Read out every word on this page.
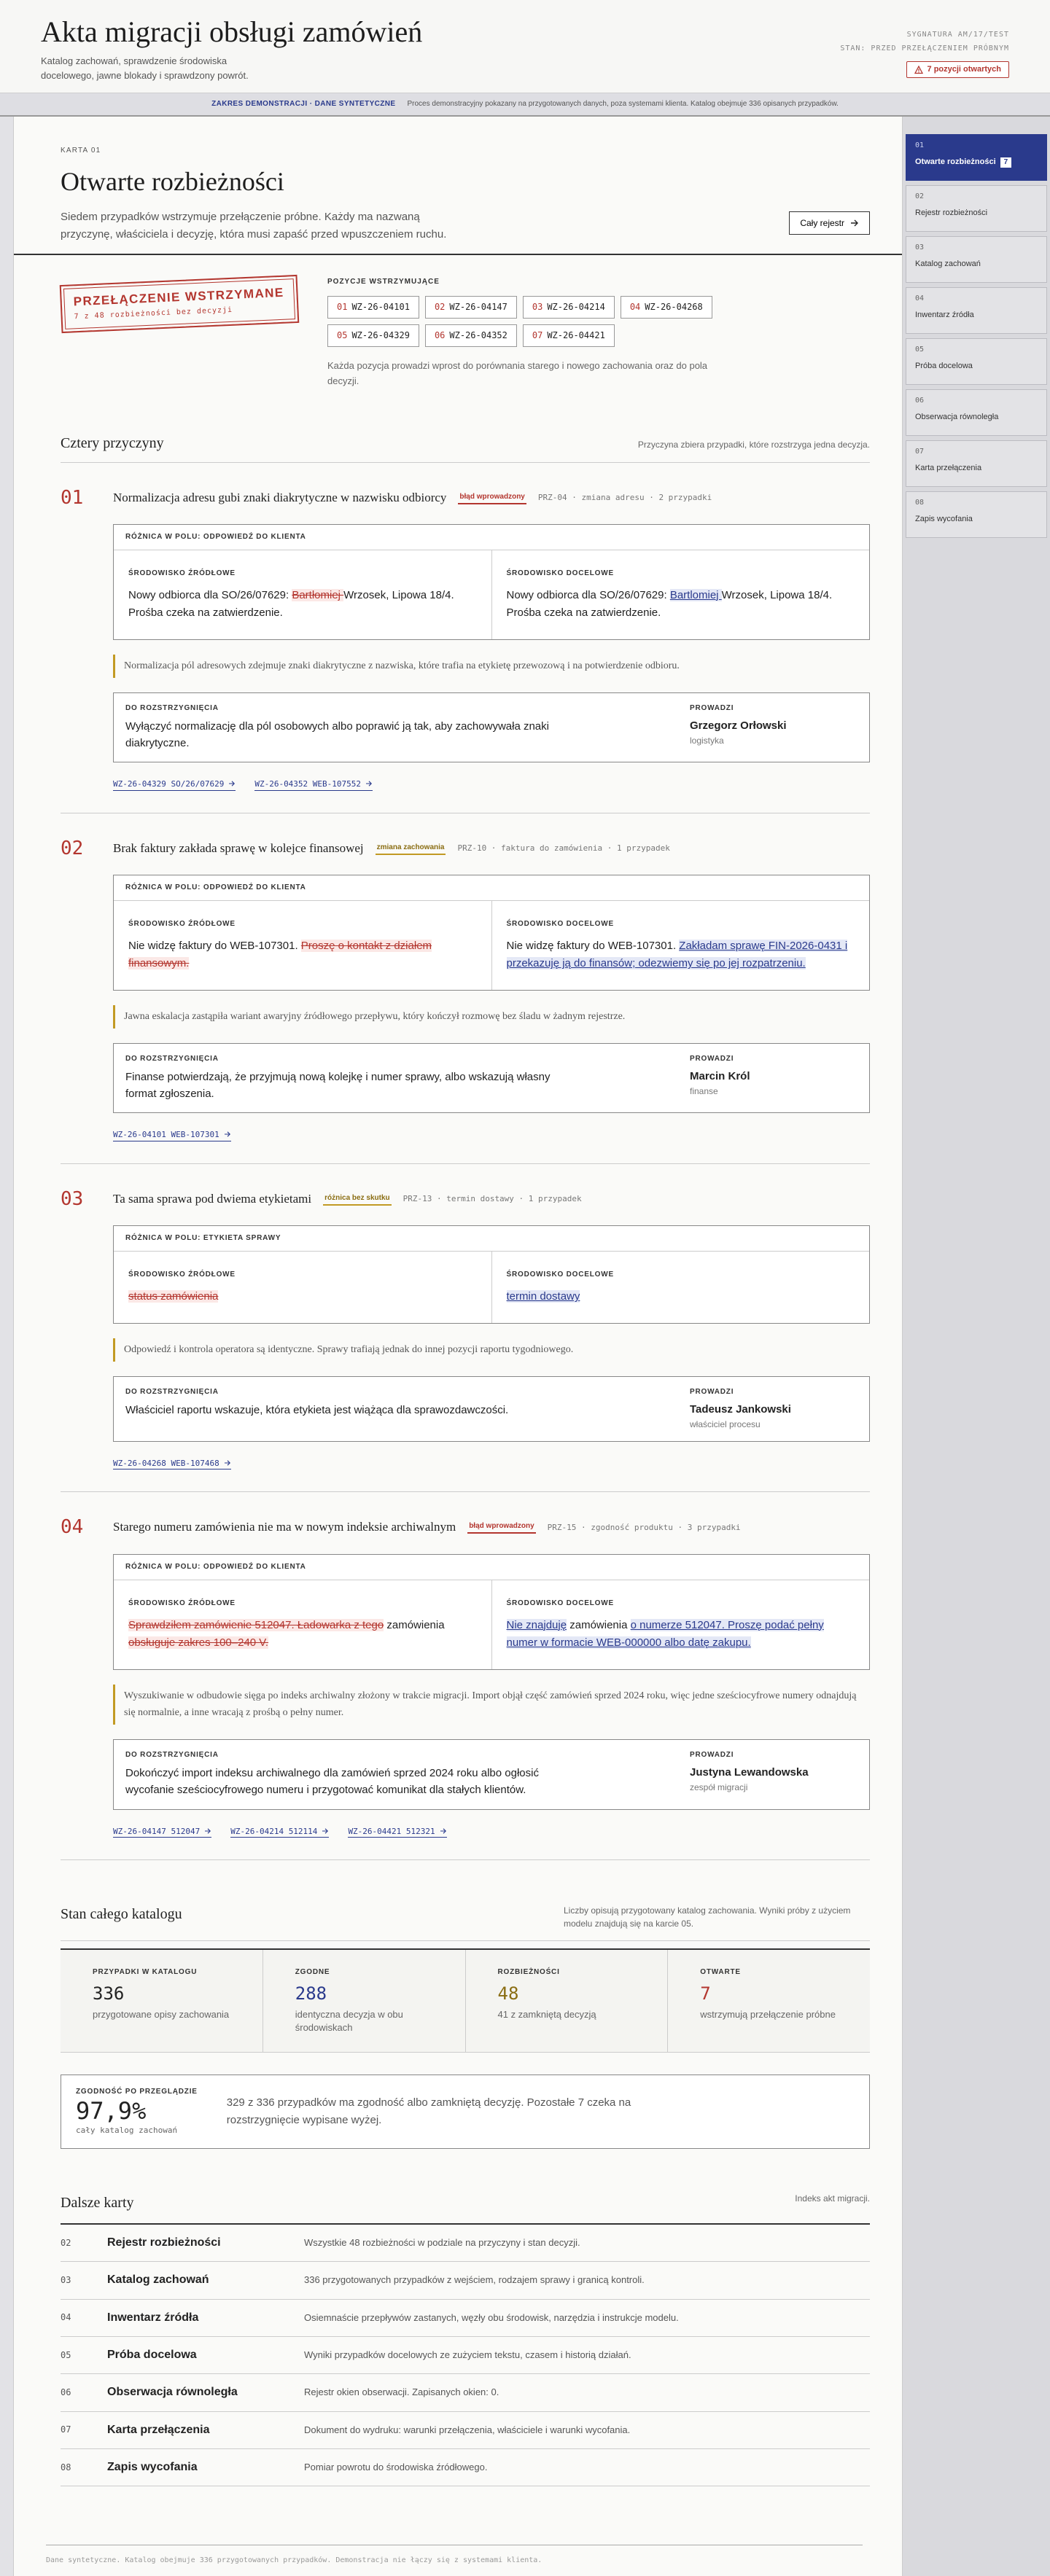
Akta migracji obsługi zamówień
Katalog zachowań, sprawdzenie środowiska docelowego, jawne blokady i sprawdzony powrót.
SYGNATURA AM/17/TEST
STAN: PRZED PRZEŁĄCZENIEM PRÓBNYM
7 pozycji otwartych
ZAKRES DEMONSTRACJI · DANE SYNTETYCZNE Proces demonstracyjny pokazany na przygotowanych danych, poza systemami klienta. Katalog obejmuje 336 opisanych przypadków.
KARTA 01
Otwarte rozbieżności

Siedem przypadków wstrzymuje przełączenie próbne. Każdy ma nazwaną przyczynę, właściciela i decyzję, która musi zapaść przed wpuszczeniem ruchu.

Cały rejestr
PRZEŁĄCZENIE WSTRZYMANE
7 z 48 rozbieżności bez decyzji
POZYCJE WSTRZYMUJĄCE
01 WZ-26-04101	02 WZ-26-04147	03 WZ-26-04214	04 WZ-26-04268
05 WZ-26-04329	06 WZ-26-04352	07 WZ-26-04421

Każda pozycja prowadzi wprost do porównania starego i nowego zachowania oraz do pola decyzji.

Cztery przyczyny	Przyczyna zbiera przypadki, które rozstrzyga jedna decyzja.
01	Normalizacja adresu gubi znaki diakrytyczne w nazwisku odbiorcy błąd wprowadzony PRZ-04 · zmiana adresu · 2 przypadki
RÓŻNICA W POLU: ODPOWIEDŹ DO KLIENTA
ŚRODOWISKO ŹRÓDŁOWE
Nowy odbiorca dla SO/26/07629: Bartłomiej Wrzosek, Lipowa 18/4. Prośba czeka na zatwierdzenie.
ŚRODOWISKO DOCELOWE
Nowy odbiorca dla SO/26/07629: Bartlomiej Wrzosek, Lipowa 18/4. Prośba czeka na zatwierdzenie.

Normalizacja pól adresowych zdejmuje znaki diakrytyczne z nazwiska, które trafia na etykietę przewozową i na potwierdzenie odbioru.

DO ROZSTRZYGNIĘCIA
Wyłączyć normalizację dla pól osobowych albo poprawić ją tak, aby zachowywała znaki diakrytyczne.
PROWADZI
Grzegorz Orłowski
logistyka
WZ-26-04329 SO/26/07629	WZ-26-04352 WEB-107552
02	Brak faktury zakłada sprawę w kolejce finansowej zmiana zachowania PRZ-10 · faktura do zamówienia · 1 przypadek
RÓŻNICA W POLU: ODPOWIEDŹ DO KLIENTA
ŚRODOWISKO ŹRÓDŁOWE
Nie widzę faktury do WEB-107301. Proszę o kontakt z działem finansowym.
ŚRODOWISKO DOCELOWE
Nie widzę faktury do WEB-107301. Zakładam sprawę FIN-2026-0431 i przekazuję ją do finansów; odezwiemy się po jej rozpatrzeniu.

Jawna eskalacja zastąpiła wariant awaryjny źródłowego przepływu, który kończył rozmowę bez śladu w żadnym rejestrze.

DO ROZSTRZYGNIĘCIA
Finanse potwierdzają, że przyjmują nową kolejkę i numer sprawy, albo wskazują własny format zgłoszenia.
PROWADZI
Marcin Król
finanse
WZ-26-04101 WEB-107301
03	Ta sama sprawa pod dwiema etykietami różnica bez skutku PRZ-13 · termin dostawy · 1 przypadek
RÓŻNICA W POLU: ETYKIETA SPRAWY
ŚRODOWISKO ŹRÓDŁOWE
status zamówienia
ŚRODOWISKO DOCELOWE
termin dostawy

Odpowiedź i kontrola operatora są identyczne. Sprawy trafiają jednak do innej pozycji raportu tygodniowego.

DO ROZSTRZYGNIĘCIA
Właściciel raportu wskazuje, która etykieta jest wiążąca dla sprawozdawczości.
PROWADZI
Tadeusz Jankowski
właściciel procesu
WZ-26-04268 WEB-107468
04	Starego numeru zamówienia nie ma w nowym indeksie archiwalnym błąd wprowadzony PRZ-15 · zgodność produktu · 3 przypadki
RÓŻNICA W POLU: ODPOWIEDŹ DO KLIENTA
ŚRODOWISKO ŹRÓDŁOWE
Sprawdziłem zamówienie 512047. Ładowarka z tego zamówienia obsługuje zakres 100–240 V.
ŚRODOWISKO DOCELOWE
Nie znajduję zamówienia o numerze 512047. Proszę podać pełny numer w formacie WEB-000000 albo datę zakupu.

Wyszukiwanie w odbudowie sięga po indeks archiwalny złożony w trakcie migracji. Import objął część zamówień sprzed 2024 roku, więc jedne sześciocyfrowe numery odnajdują się normalnie, a inne wracają z prośbą o pełny numer.

DO ROZSTRZYGNIĘCIA
Dokończyć import indeksu archiwalnego dla zamówień sprzed 2024 roku albo ogłosić wycofanie sześciocyfrowego numeru i przygotować komunikat dla stałych klientów.
PROWADZI
Justyna Lewandowska
zespół migracji
WZ-26-04147 512047	WZ-26-04214 512114	WZ-26-04421 512321
Stan całego katalogu	Liczby opisują przygotowany katalog zachowania. Wyniki próby z użyciem modelu znajdują się na karcie 05.
PRZYPADKI W KATALOGU
336
przygotowane opisy zachowania
ZGODNE
288
identyczna decyzja w obu środowiskach
ROZBIEŻNOŚCI
48
41 z zamkniętą decyzją
OTWARTE
7
wstrzymują przełączenie próbne
ZGODNOŚĆ PO PRZEGLĄDZIE
97,9%
cały katalog zachowań

329 z 336 przypadków ma zgodność albo zamkniętą decyzję. Pozostałe 7 czeka na rozstrzygnięcie wypisane wyżej.

Dalsze karty	Indeks akt migracji.
02	Rejestr rozbieżności	Wszystkie 48 rozbieżności w podziale na przyczyny i stan decyzji.
03	Katalog zachowań	336 przygotowanych przypadków z wejściem, rodzajem sprawy i granicą kontroli.
04	Inwentarz źródła	Osiemnaście przepływów zastanych, węzły obu środowisk, narzędzia i instrukcje modelu.
05	Próba docelowa	Wyniki przypadków docelowych ze zużyciem tekstu, czasem i historią działań.
06	Obserwacja równoległa	Rejestr okien obserwacji. Zapisanych okien: 0.
07	Karta przełączenia	Dokument do wydruku: warunki przełączenia, właściciele i warunki wycofania.
08	Zapis wycofania	Pomiar powrotu do środowiska źródłowego.
Dane syntetyczne. Katalog obejmuje 336 przygotowanych przypadków. Demonstracja nie łączy się z systemami klienta.
01
Otwarte rozbieżności	7
02
Rejestr rozbieżności
03
Katalog zachowań
04
Inwentarz źródła
05
Próba docelowa
06
Obserwacja równoległa
07
Karta przełączenia
08
Zapis wycofania
